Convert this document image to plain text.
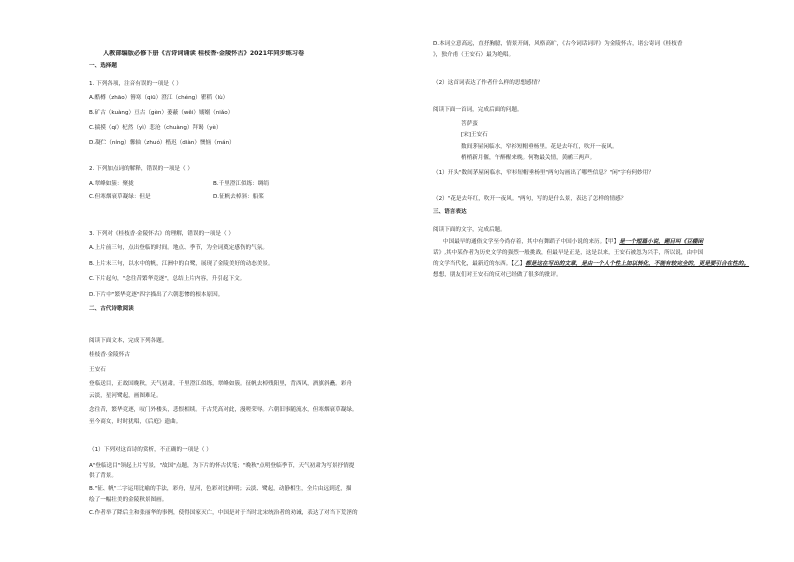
人教部编版必修下册《古诗词诵读 桂枝香·金陵怀古》2021年同步练习卷
一、选择题
1. 下列各项，注音有误的一项是（ ）
A.酷樽（zhāo）簪寒（qiū）澄江（chéng）瞿稻（lù）
B.矿古（kuàng）亘古（gèn）萎蔽（wěi）嫋嫋（niǎo）
C.揣摸（qí）杞然（yì）悲沧（chuàng）拜谒（yè）
D.凝伫（níng）馨轴（zhuó）楷迟（diàn）懊恼（mán）
2. 下列加点词的解释，错误的一项是（ ）
A.翠峰如簇：聚拢	B.千里澄江似练：绸绢
C.但寒烟衰草凝绿：但是	D.征帆去棹斜：船桨
3. 下列对《桂枝香·金陵怀古》的理解，错误的一项是（ ）
A.上片前三句，点出登临的时间。地点、季节，为全词奠定感伤的气氛。
B.上片末三句，以水中的帆，江洲中的白鹭，展现了金陵美好的动态美景。
C.下片起句，"念往昔繁华竞逐"，总结上片内容，升引起下文。
D.下片中"繁华竞逐"四字描出了六朝悲惨的根本原因。
二、古代诗歌阅读
阅读下面文本，完成下列各题。
桂枝香·金陵怀古
王安石
登临送目，正故国晚秋，天气初肃。千里澄江似练，翠峰如簇。征帆去棹残阳里，背西风，酒旗斜矗。彩舟
云淡，星河鹭起，画图难足。
念往昔，繁华竞逐，叹门外楼头，悲恨相续。千古凭高对此，漫嗟荣辱。六朝旧事随流水，但寒烟衰草凝绿。
至今商女，时时犹唱，《后庭》遗曲。
（1）下列对这首诗的赏析，不正确的一项是（ ）
A"登临送目"领起上片写景，"故国"点题，为下片的怀古伏笔；"晚秋"点明登临季节，天气初肃为写景抒情提
供了背景。
B."征、帆"二字运用比喻的手法，彩舟，星河，色彩对比鲜明；云淡、鹭起，动静相生，全片由远到近，描
绘了一幅壮美的金陵秋景图画。
C.作者举了降后主和张丽华的事例，使得国家灭亡，中国是对于当时北宋统治者的劝诫，表达了对当下荒淫的
D.本词立意高远，直抒胸臆，情景开阔，风格高旷，《古今词话词评》为金陵怀古，诸公寄词《桂枝香
》，独介甫（王安石）最为绝唱。
（2）这首词表达了作者什么样的思想感情？
阅读下面一首词，完成后面的问题。
菩萨蛮
[宋]王安石
数间茅屋闲临水，窄衫短帽垂杨里。花是去年红，吹开一夜风。
梢梢新月偃，午醉醒来晚。何物最关情，黄鹂三两声。
（1）开头"数间茅屋闲临水，窄衫短帽垂杨里"两句勾画出了哪些信息？"闲"字有何妙用？
（2）"花是去年红，吹开一夜风。"两句，写的是什么景，表达了怎样的情感？
三、语言表达
阅读下面的文字，完成后题。
中国最早的通俗文学至今尚存着，其中有舞蹈子中国小说的来历。【甲】是一个短篇小说，题目叫《豆棚闲
话》,其中某作者为历史文学的强烈一般挑战，但最早是正是，这是以来，王安石被忽为兴手，所以说，由中国
的文学当代化，最新近的东西。【乙】都是这在写出的文章，是由一个人个性上加以转化，不能有较完全的，更是要引合在性的。
想想，朋友们对王安石的反对已经做了很多的批评。
